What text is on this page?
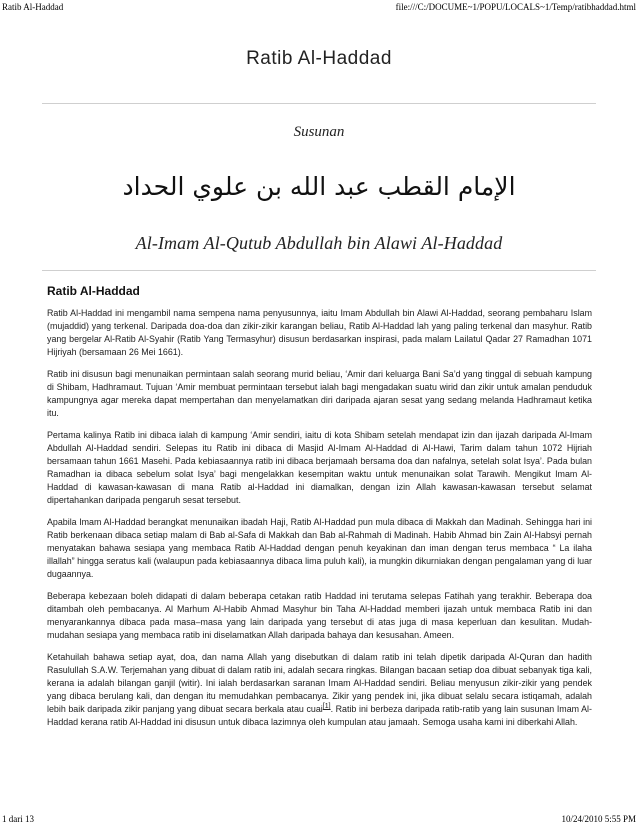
Ratib Al-Haddad	file:///C:/DOCUME~1/POPU/LOCALS~1/Temp/ratibhaddad.html
Ratib Al-Haddad
Susunan
الإمام القطب عبد الله بن علوي الحداد
Al-Imam Al-Qutub Abdullah bin Alawi Al-Haddad
Ratib Al-Haddad

Ratib Al-Haddad ini mengambil nama sempena nama penyusunnya, iaitu Imam Abdullah bin Alawi Al-Haddad, seorang pembaharu Islam (mujaddid) yang terkenal. Daripada doa-doa dan zikir-zikir karangan beliau, Ratib Al-Haddad lah yang paling terkenal dan masyhur. Ratib yang bergelar Al-Ratib Al-Syahir (Ratib Yang Termasyhur) disusun berdasarkan inspirasi, pada malam Lailatul Qadar 27 Ramadhan 1071 Hijriyah (bersamaan 26 Mei 1661).

Ratib ini disusun bagi menunaikan permintaan salah seorang murid beliau, ‘Amir dari keluarga Bani Sa’d yang tinggal di sebuah kampung di Shibam, Hadhramaut. Tujuan ‘Amir membuat permintaan tersebut ialah bagi mengadakan suatu wirid dan zikir untuk amalan penduduk kampungnya agar mereka dapat mempertahan dan menyelamatkan diri daripada ajaran sesat yang sedang melanda Hadhramaut ketika itu.

Pertama kalinya Ratib ini dibaca ialah di kampung ‘Amir sendiri, iaitu di kota Shibam setelah mendapat izin dan ijazah daripada Al-Imam Abdullah Al-Haddad sendiri. Selepas itu Ratib ini dibaca di Masjid Al-Imam Al-Haddad di Al-Hawi, Tarim dalam tahun 1072 Hijriah bersamaan tahun 1661 Masehi. Pada kebiasaannya ratib ini dibaca berjamaah bersama doa dan nafalnya, setelah solat Isya’. Pada bulan Ramadhan ia dibaca sebelum solat Isya’ bagi mengelakkan kesempitan waktu untuk menunaikan solat Tarawih. Mengikut Imam Al-Haddad di kawasan-kawasan di mana Ratib al-Haddad ini diamalkan, dengan izin Allah kawasan-kawasan tersebut selamat dipertahankan daripada pengaruh sesat tersebut.

Apabila Imam Al-Haddad berangkat menunaikan ibadah Haji, Ratib Al-Haddad pun mula dibaca di Makkah dan Madinah. Sehingga hari ini Ratib berkenaan dibaca setiap malam di Bab al-Safa di Makkah dan Bab al-Rahmah di Madinah. Habib Ahmad bin Zain Al-Habsyi pernah menyatakan bahawa sesiapa yang membaca Ratib Al-Haddad dengan penuh keyakinan dan iman dengan terus membaca “ La ilaha illallah” hingga seratus kali (walaupun pada kebiasaannya dibaca lima puluh kali), ia mungkin dikurniakan dengan pengalaman yang di luar dugaannya.

Beberapa kebezaan boleh didapati di dalam beberapa cetakan ratib Haddad ini terutama selepas Fatihah yang terakhir. Beberapa doa ditambah oleh pembacanya. Al Marhum Al-Habib Ahmad Masyhur bin Taha Al-Haddad memberi ijazah untuk membaca Ratib ini dan menyarankannya dibaca pada masa–masa yang lain daripada yang tersebut di atas juga di masa keperluan dan kesulitan. Mudah-mudahan sesiapa yang membaca ratib ini diselamatkan Allah daripada bahaya dan kesusahan. Ameen.

Ketahuilah bahawa setiap ayat, doa, dan nama Allah yang disebutkan di dalam ratib ini telah dipetik daripada Al-Quran dan hadith Rasulullah S.A.W. Terjemahan yang dibuat di dalam ratib ini, adalah secara ringkas. Bilangan bacaan setiap doa dibuat sebanyak tiga kali, kerana ia adalah bilangan ganjil (witir). Ini ialah berdasarkan saranan Imam Al-Haddad sendiri. Beliau menyusun zikir-zikir yang pendek yang dibaca berulang kali, dan dengan itu memudahkan pembacanya. Zikir yang pendek ini, jika dibuat selalu secara istiqamah, adalah lebih baik daripada zikir panjang yang dibuat secara berkala atau cuai[1]. Ratib ini berbeza daripada ratib-ratib yang lain susunan Imam Al-Haddad kerana ratib Al-Haddad ini disusun untuk dibaca lazimnya oleh kumpulan atau jamaah. Semoga usaha kami ini diberkahi Allah.

1 dari 13	10/24/2010 5:55 PM
